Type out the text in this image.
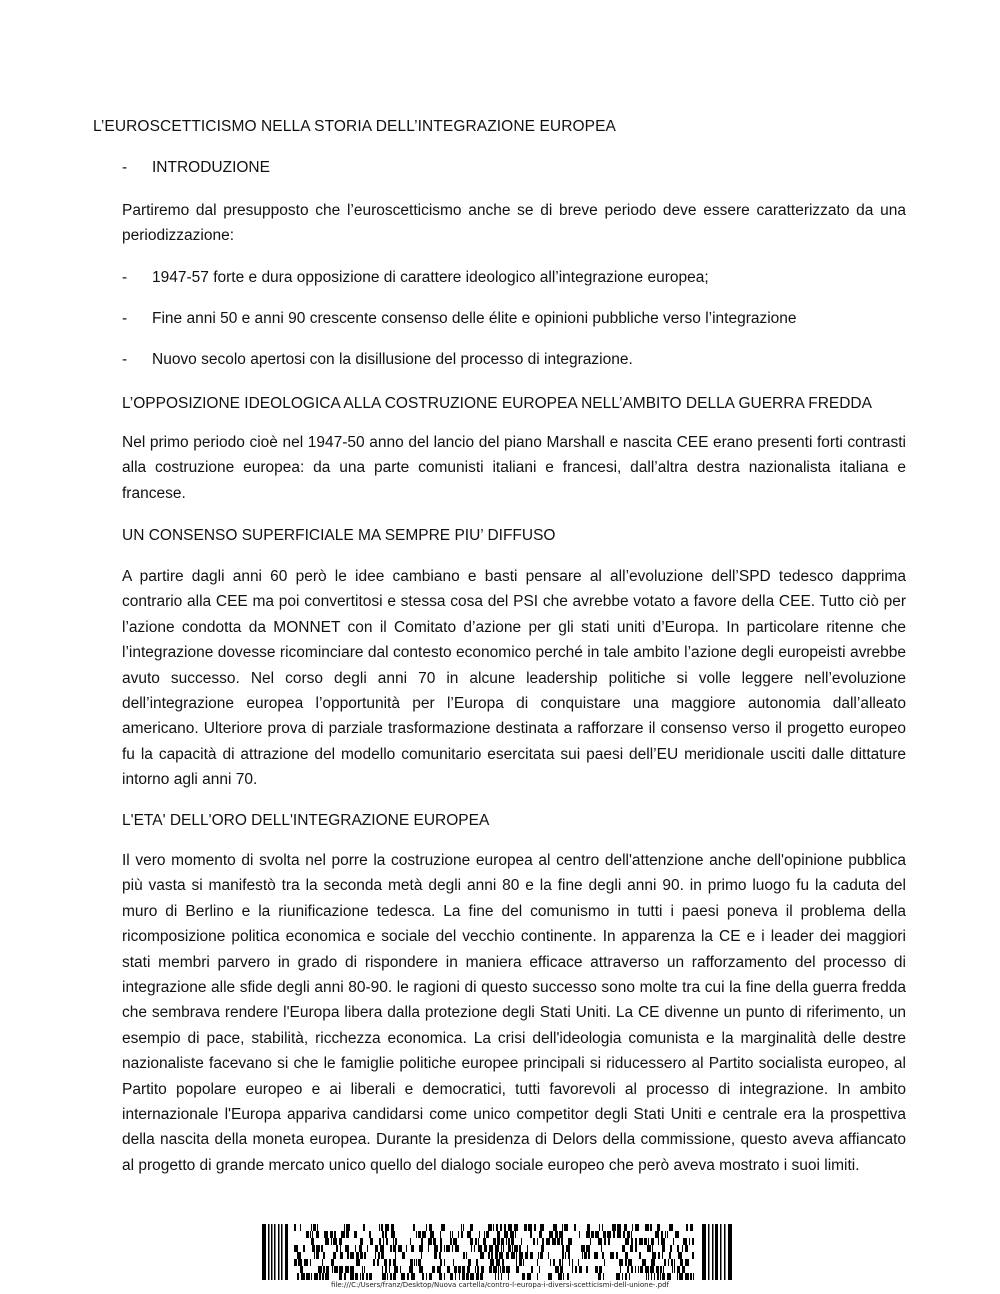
L’EUROSCETTICISMO NELLA STORIA DELL’INTEGRAZIONE EUROPEA
- INTRODUZIONE
Partiremo dal presupposto che l’euroscetticismo anche se di breve periodo deve essere caratterizzato da una periodizzazione:
- 1947-57 forte e dura opposizione di carattere ideologico all’integrazione europea;
- Fine anni 50 e anni 90 crescente consenso delle élite e opinioni pubbliche verso l’integrazione
- Nuovo secolo apertosi con la disillusione del processo di integrazione.
L’OPPOSIZIONE IDEOLOGICA ALLA COSTRUZIONE EUROPEA NELL’AMBITO DELLA GUERRA FREDDA
Nel primo periodo cioè nel 1947-50 anno del lancio del piano Marshall e nascita CEE erano presenti forti contrasti alla costruzione europea: da una parte comunisti italiani e francesi, dall’altra destra nazionalista italiana e francese.
UN CONSENSO SUPERFICIALE MA SEMPRE PIU’ DIFFUSO
A partire dagli anni 60 però le idee cambiano e basti pensare al all’evoluzione dell’SPD tedesco dapprima contrario alla CEE ma poi convertitosi e stessa cosa del PSI che avrebbe votato a favore della CEE. Tutto ciò per l’azione condotta da MONNET con il Comitato d’azione per gli stati uniti d’Europa. In particolare ritenne che l’integrazione dovesse ricominciare dal contesto economico perché in tale ambito l’azione degli europeisti avrebbe avuto successo. Nel corso degli anni 70 in alcune leadership politiche si volle leggere nell’evoluzione dell’integrazione europea l’opportunità per l’Europa di conquistare una maggiore autonomia dall’alleato americano. Ulteriore prova di parziale trasformazione destinata a rafforzare il consenso verso il progetto europeo fu la capacità di attrazione del modello comunitario esercitata sui paesi dell’EU meridionale usciti dalle dittature intorno agli anni 70.
L'ETA' DELL'ORO DELL'INTEGRAZIONE EUROPEA
Il vero momento di svolta nel porre la costruzione europea al centro dell'attenzione anche dell'opinione pubblica più vasta si manifestò tra la seconda metà degli anni 80 e la fine degli anni 90. in primo luogo fu la caduta del muro di Berlino e la riunificazione tedesca. La fine del comunismo in tutti i paesi poneva il problema della ricomposizione politica economica e sociale del vecchio continente. In apparenza la CE e i leader dei maggiori stati membri parvero in grado di rispondere in maniera efficace attraverso un rafforzamento del processo di integrazione alle sfide degli anni 80-90. le ragioni di questo successo sono molte tra cui la fine della guerra fredda che sembrava rendere l'Europa libera dalla protezione degli Stati Uniti. La CE divenne un punto di riferimento, un esempio di pace, stabilità, ricchezza economica. La crisi dell'ideologia comunista e la marginalità delle destre nazionaliste facevano si che le famiglie politiche europee principali si riducessero al Partito socialista europeo, al Partito popolare europeo e ai liberali e democratici, tutti favorevoli al processo di integrazione. In ambito internazionale l'Europa appariva candidarsi come unico competitor degli Stati Uniti e centrale era la prospettiva della nascita della moneta europea. Durante la presidenza di Delors della commissione, questo aveva affiancato al progetto di grande mercato unico quello del dialogo sociale europeo che però aveva mostrato i suoi limiti.
file:///C:/Users/franz/Desktop/Nuova cartella/contro-l-europa-i-diversi-scetticismi-dell-unione-.pdf
